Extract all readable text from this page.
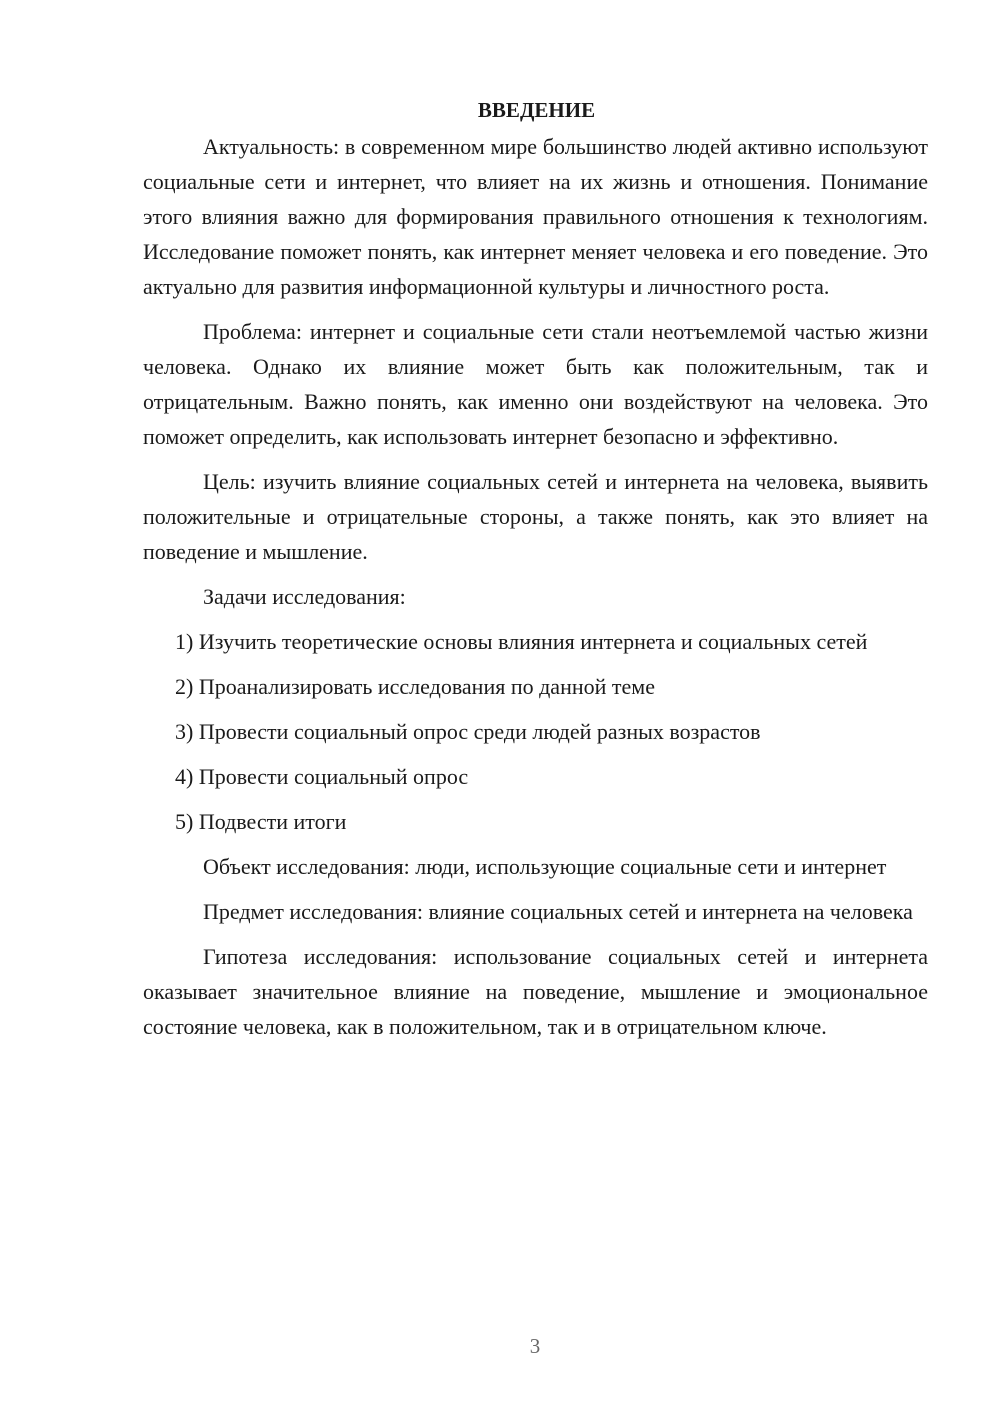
ВВЕДЕНИЕ

Актуальность: в современном мире большинство людей активно используют социальные сети и интернет, что влияет на их жизнь и отношения. Понимание этого влияния важно для формирования правильного отношения к технологиям. Исследование поможет понять, как интернет меняет человека и его поведение. Это актуально для развития информационной культуры и личностного роста.

Проблема: интернет и социальные сети стали неотъемлемой частью жизни человека. Однако их влияние может быть как положительным, так и отрицательным. Важно понять, как именно они воздействуют на человека. Это поможет определить, как использовать интернет безопасно и эффективно.

Цель: изучить влияние социальных сетей и интернета на человека, выявить положительные и отрицательные стороны, а также понять, как это влияет на поведение и мышление.

Задачи исследования:

1) Изучить теоретические основы влияния интернета и социальных сетей

2) Проанализировать исследования по данной теме

3) Провести социальный опрос среди людей разных возрастов

4) Провести социальный опрос

5) Подвести итоги

Объект исследования: люди, использующие социальные сети и интернет

Предмет исследования: влияние социальных сетей и интернета на человека

Гипотеза исследования: использование социальных сетей и интернета оказывает значительное влияние на поведение, мышление и эмоциональное состояние человека, как в положительном, так и в отрицательном ключе.

3
